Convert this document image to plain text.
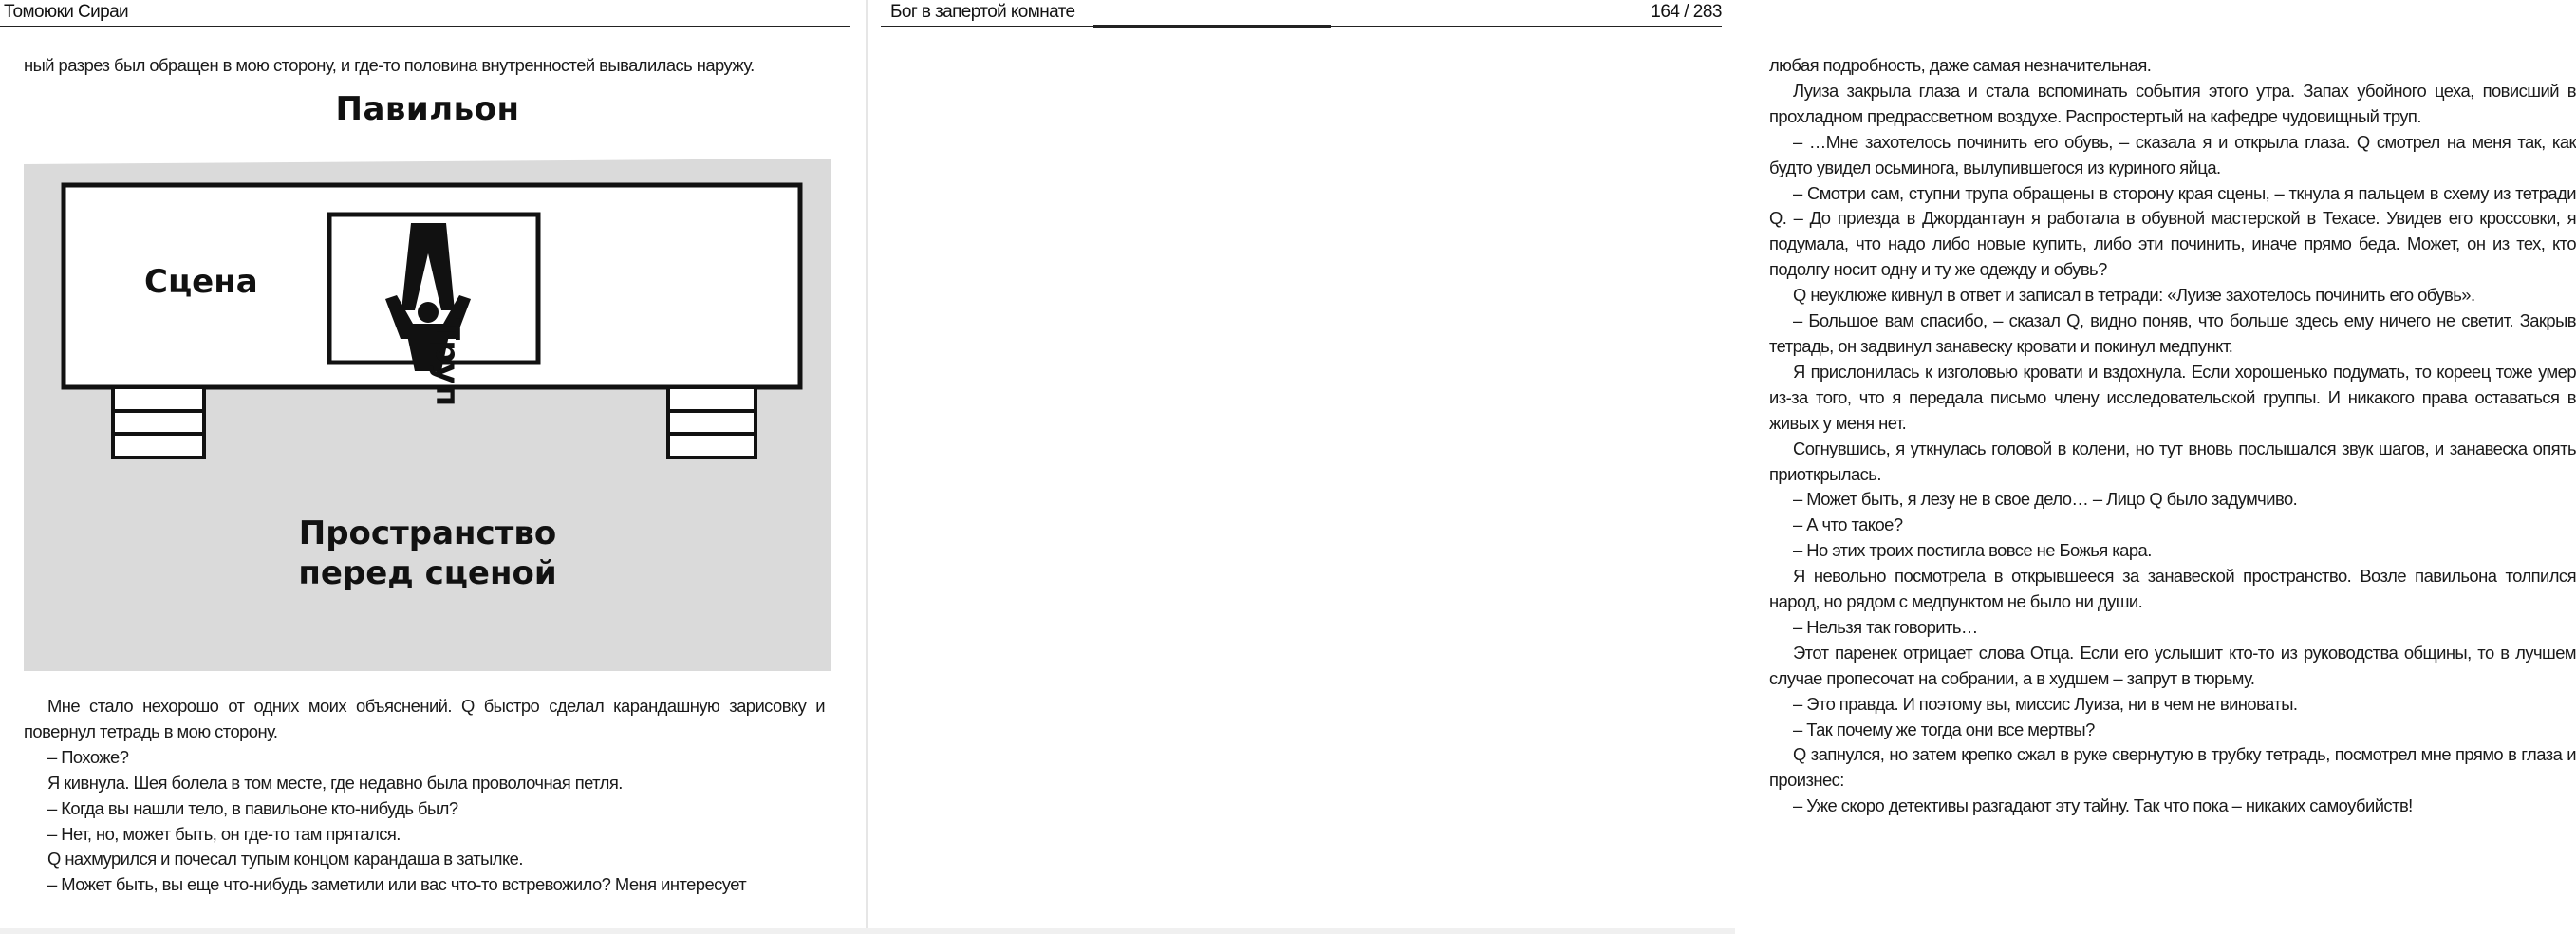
Томоюки Сираи

ный разрез был обращен в мою сторону, и где-то половина внутренностей вывалилась наружу.

Павильон
Сцена
Труп
Пространство
перед сценой

Мне стало нехорошо от одних моих объяснений. Q быстро сделал карандашную зарисовку и повернул тетрадь в мою сторону.

– Похоже?

Я кивнула. Шея болела в том месте, где недавно была проволочная петля.

– Когда вы нашли тело, в павильоне кто-нибудь был?

– Нет, но, может быть, он где-то там прятался.

Q нахмурился и почесал тупым концом карандаша в затылке.

– Может быть, вы еще что-нибудь заметили или вас что-то встревожило? Меня интересует

Бог в запертой комнате	164 / 283

любая подробность, даже самая незначительная.

Луиза закрыла глаза и стала вспоминать события этого утра. Запах убойного цеха, повисший в прохладном предрассветном воздухе. Распростертый на кафедре чудовищный труп.

– …Мне захотелось починить его обувь, – сказала я и открыла глаза. Q смотрел на меня так, как будто увидел осьминога, вылупившегося из куриного яйца.

– Смотри сам, ступни трупа обращены в сторону края сцены, – ткнула я пальцем в схему из тетради Q. – До приезда в Джордантаун я работала в обувной мастерской в Техасе. Увидев его кроссовки, я подумала, что надо либо новые купить, либо эти починить, иначе прямо беда. Может, он из тех, кто подолгу носит одну и ту же одежду и обувь?

Q неуклюже кивнул в ответ и записал в тетради: «Луизе захотелось починить его обувь».

– Большое вам спасибо, – сказал Q, видно поняв, что больше здесь ему ничего не светит. Закрыв тетрадь, он задвинул занавеску кровати и покинул медпункт.

Я прислонилась к изголовью кровати и вздохнула. Если хорошенько подумать, то кореец тоже умер из-за того, что я передала письмо члену исследовательской группы. И никакого права оставаться в живых у меня нет.

Согнувшись, я уткнулась головой в колени, но тут вновь послышался звук шагов, и занавеска опять приоткрылась.

– Может быть, я лезу не в свое дело… – Лицо Q было задумчиво.

– А что такое?

– Но этих троих постигла вовсе не Божья кара.

Я невольно посмотрела в открывшееся за занавеской пространство. Возле павильона толпился народ, но рядом с медпунктом не было ни души.

– Нельзя так говорить…

Этот паренек отрицает слова Отца. Если его услышит кто-то из руководства общины, то в лучшем случае пропесочат на собрании, а в худшем – запрут в тюрьму.

– Это правда. И поэтому вы, миссис Луиза, ни в чем не виноваты.

– Так почему же тогда они все мертвы?

Q запнулся, но затем крепко сжал в руке свернутую в трубку тетрадь, посмотрел мне прямо в глаза и произнес:

– Уже скоро детективы разгадают эту тайну. Так что пока – никаких самоубийств!
